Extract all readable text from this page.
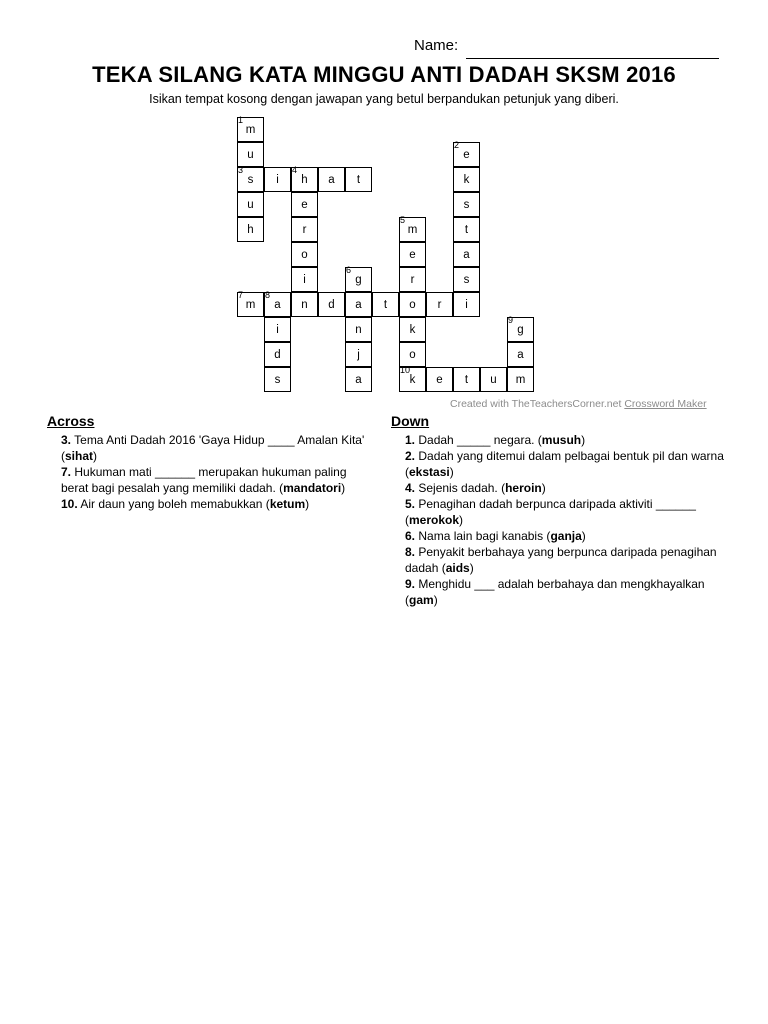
Name:
TEKA SILANG KATA MINGGU ANTI DADAH SKSM 2016
Isikan tempat kosong dengan jawapan yang betul berpandukan petunjuk yang diberi.
1
m
u
3
s
u
h
i
4
h	a	t
e
r
o
i
n
2
e
k
s
t
a
s
i
5
m
e
r
o
k
o
10
k
6
g
a
n
j
a
7
m
8
a	d	t	r
i
d
s
9
g
a
m
e	t	u
Created with TheTeachersCorner.net Crossword Maker
Across
3. Tema Anti Dadah 2016 'Gaya Hidup ____ Amalan Kita' (sihat)
7. Hukuman mati ______ merupakan hukuman paling berat bagi pesalah yang memiliki dadah. (mandatori)
10. Air daun yang boleh memabukkan (ketum)
Down
1. Dadah _____ negara. (musuh)
2. Dadah yang ditemui dalam pelbagai bentuk pil dan warna (ekstasi)
4. Sejenis dadah. (heroin)
5. Penagihan dadah berpunca daripada aktiviti ______ (merokok)
6. Nama lain bagi kanabis (ganja)
8. Penyakit berbahaya yang berpunca daripada penagihan dadah (aids)
9. Menghidu ___ adalah berbahaya dan mengkhayalkan (gam)
